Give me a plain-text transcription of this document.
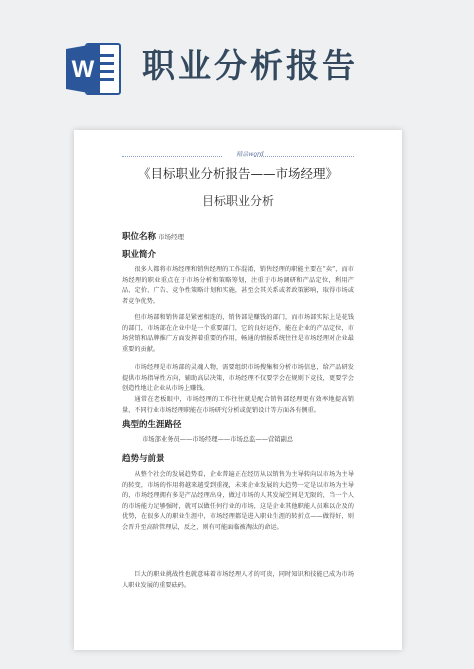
W 职业分析报告
精品word
《目标职业分析报告——市场经理》
目标职业分析
职位名称 市场经理
职业简介

很多人都将市场经理和销售经理的工作混淆，销售经理的职能主要在“卖”，而市场经理的职业重点在于市场分析和策略筹划，注重于市场调研和产品定位，利用产品、定价、广告、竞争性策略计划和实施，甚至会其关系或者政策影响，取得市场或者竞争优势。

但市场部和销售部是紧密相连的，销售部是赚钱的部门，而市场部实际上是花钱的部门，市场部在企业中是一个重要部门，它的良好运作，能在企业的产品定位，市场营销和品牌推广方面发挥着重要的作用，畅通的情报系统往往是市场经理对企业最重要的贡献。

市场经理是市场部的灵魂人物，需要组织市场搜集和分析市场信息，给产品研发提供市场指导性方向，辅助高层决策，市场经理不仅要学会在规则下竞技，更要学会创造性地让企业从市场上赚钱。

通常在老板眼中，市场经理的工作往往就是配合销售部经理更有效率地提高销量，不同行业市场经理职能在市场研究分析或促销设计等方面各有侧重。

典型的生涯路径
市场部业务员——市场经理——市场总监——营销副总
趋势与前景

从整个社会的发展趋势看，企业普遍正在经历从以销售为主导转向以市场为主导的转变，市场的作用将越来越受到重视，未来企业发展的大趋势一定是以市场为主导的，市场经理拥有多是产品经理出身，做过市场的人其发展空间是无限的，当一个人的市场能力足够强时，就可以做任何行业的市场，这是企业其他职能人员难以企及的优势，在很多人的职业生涯中，市场经理都是进入职业生涯的转折点——做得好，则会晋升至高阶管理层，反之，则有可能面临被淘汰的命运。

巨大的职业挑战性也就意味着市场经理人才的可贵，同时知识和技能已成为市场人职业发展的重要砝码。
